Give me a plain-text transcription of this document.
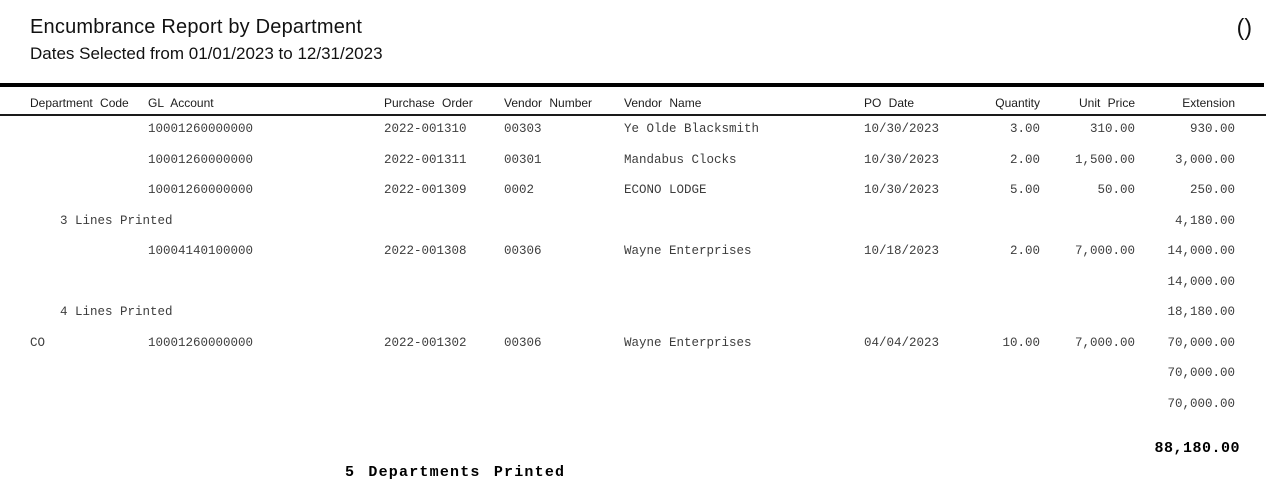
Encumbrance Report by Department
Dates Selected from 01/01/2023 to 12/31/2023
()
Department Code GL Account	Purchase Order	Vendor Number	Vendor Name	PO Date	Quantity	Unit Price	Extension
10001260000000	2022-001310	00303	Ye Olde Blacksmith	10/30/2023	3.00	310.00	930.00
10001260000000	2022-001311	00301	Mandabus Clocks	10/30/2023	2.00	1,500.00	3,000.00
10001260000000	2022-001309	0002	ECONO LODGE	10/30/2023	5.00	50.00	250.00
3 Lines Printed	4,180.00
10004140100000	2022-001308	00306	Wayne Enterprises	10/18/2023	2.00	7,000.00	14,000.00
14,000.00
4 Lines Printed	18,180.00
CO	10001260000000	2022-001302	00306	Wayne Enterprises	04/04/2023	10.00	7,000.00	70,000.00
70,000.00
70,000.00
88,180.00
5 Departments Printed
